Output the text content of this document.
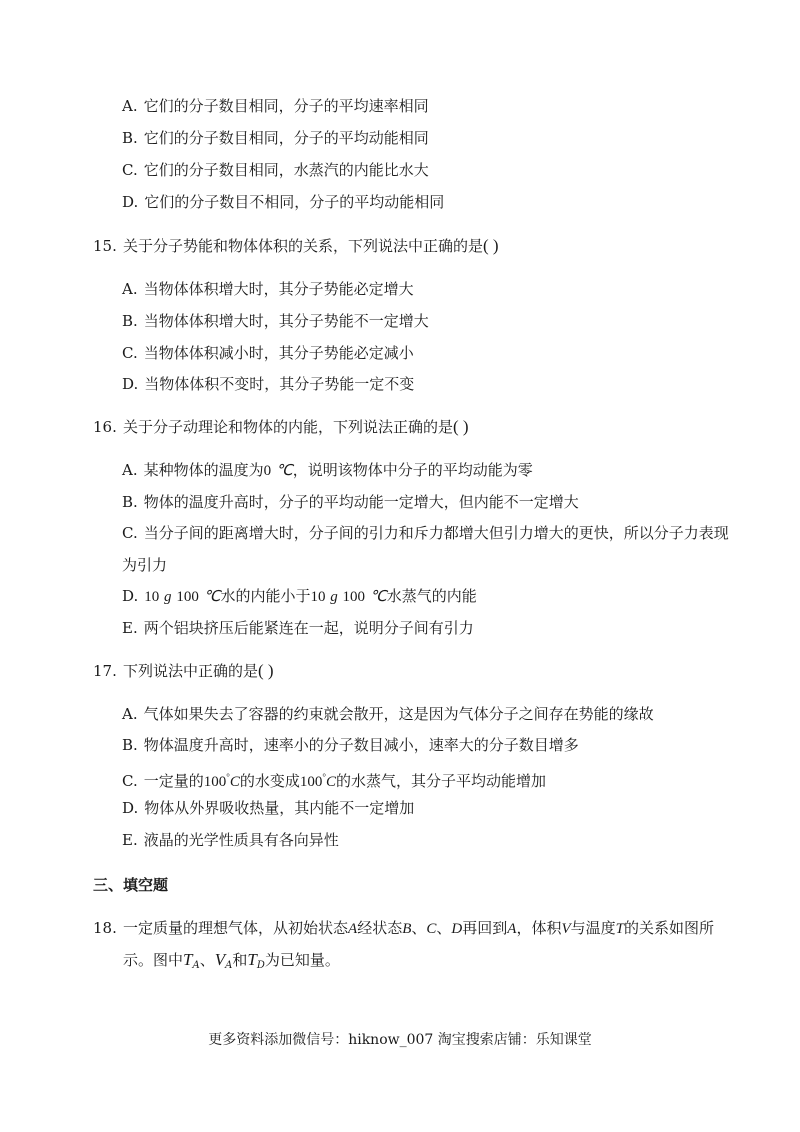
A. 它们的分子数目相同，分子的平均速率相同
B. 它们的分子数目相同，分子的平均动能相同
C. 它们的分子数目相同，水蒸汽的内能比水大
D. 它们的分子数目不相同，分子的平均动能相同
15. 关于分子势能和物体体积的关系，下列说法中正确的是( )
A. 当物体体积增大时，其分子势能必定增大
B. 当物体体积增大时，其分子势能不一定增大
C. 当物体体积减小时，其分子势能必定减小
D. 当物体体积不变时，其分子势能一定不变
16. 关于分子动理论和物体的内能，下列说法正确的是( )
A. 某种物体的温度为0 ℃，说明该物体中分子的平均动能为零
B. 物体的温度升高时，分子的平均动能一定增大，但内能不一定增大
C. 当分子间的距离增大时，分子间的引力和斥力都增大但引力增大的更快，所以分子力表现
为引力
D. 10 g 100 ℃水的内能小于10 g 100 ℃水蒸气的内能
E. 两个铝块挤压后能紧连在一起，说明分子间有引力
17. 下列说法中正确的是( )
A. 气体如果失去了容器的约束就会散开，这是因为气体分子之间存在势能的缘故
B. 物体温度升高时，速率小的分子数目减小，速率大的分子数目增多
C. 一定量的100°C的水变成100°C的水蒸气，其分子平均动能增加
D. 物体从外界吸收热量，其内能不一定增加
E. 液晶的光学性质具有各向异性
三、填空题
18. 一定质量的理想气体，从初始状态A经状态B、C、D再回到A，体积V与温度T的关系如图所
示。图中$T_A$、$V_A$和$T_D$为已知量。
更多资料添加微信号：hiknow_007 淘宝搜索店铺：乐知课堂
